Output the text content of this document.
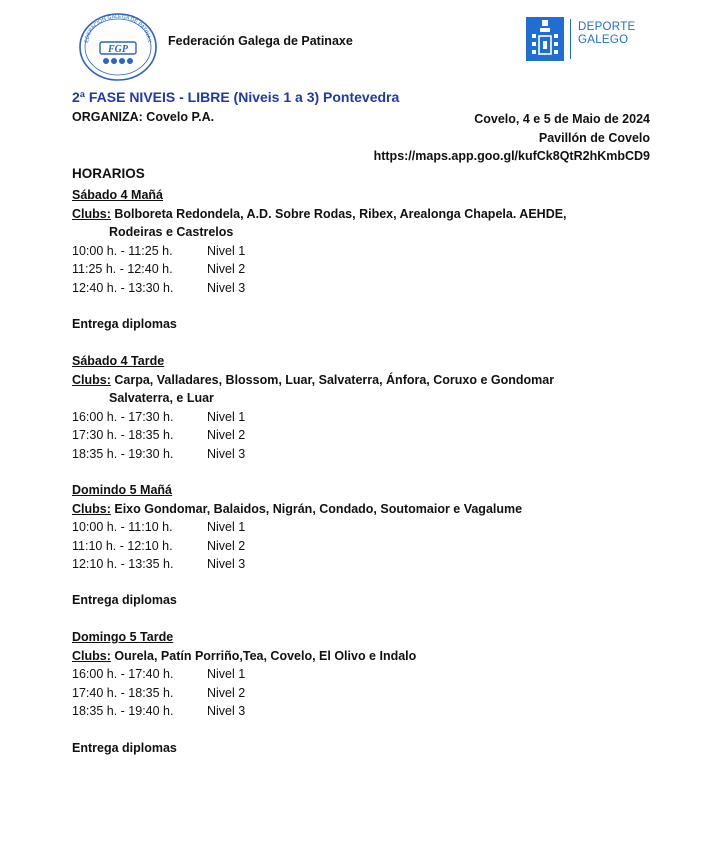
EDERACIÓN GALEGA DE PATINAX
FGP
Federación Galega de Patinaxe
DEPORTE
GALEGO
2ª FASE NIVEIS - LIBRE (Niveis 1 a 3) Pontevedra
ORGANIZA: Covelo P.A.	Covelo, 4 e 5 de Maio de 2024
Pavillón de Covelo
https://maps.app.goo.gl/kufCk8QtR2hKmbCD9
HORARIOS
Sábado 4 Mañá
Clubs: Bolboreta Redondela, A.D. Sobre Rodas, Ribex, Arealonga Chapela. AEHDE,
Rodeiras e Castrelos
10:00 h. - 11:25 h.	Nivel 1
11:25 h. - 12:40 h.	Nivel 2
12:40 h. - 13:30 h.	Nivel 3
Entrega diplomas
Sábado 4 Tarde
Clubs: Carpa, Valladares, Blossom, Luar, Salvaterra, Ánfora, Coruxo e Gondomar
Salvaterra, e Luar
16:00 h. - 17:30 h.	Nivel 1
17:30 h. - 18:35 h.	Nivel 2
18:35 h. - 19:30 h.	Nivel 3
Domindo 5 Mañá
Clubs: Eixo Gondomar, Balaidos, Nigrán, Condado, Soutomaior e Vagalume
10:00 h. - 11:10 h.	Nivel 1
11:10 h. - 12:10 h.	Nivel 2
12:10 h. - 13:35 h.	Nivel 3
Entrega diplomas
Domingo 5 Tarde
Clubs: Ourela, Patín Porriño,Tea, Covelo, El Olivo e Indalo
16:00 h. - 17:40 h.	Nivel 1
17:40 h. - 18:35 h.	Nivel 2
18:35 h. - 19:40 h.	Nivel 3
Entrega diplomas
